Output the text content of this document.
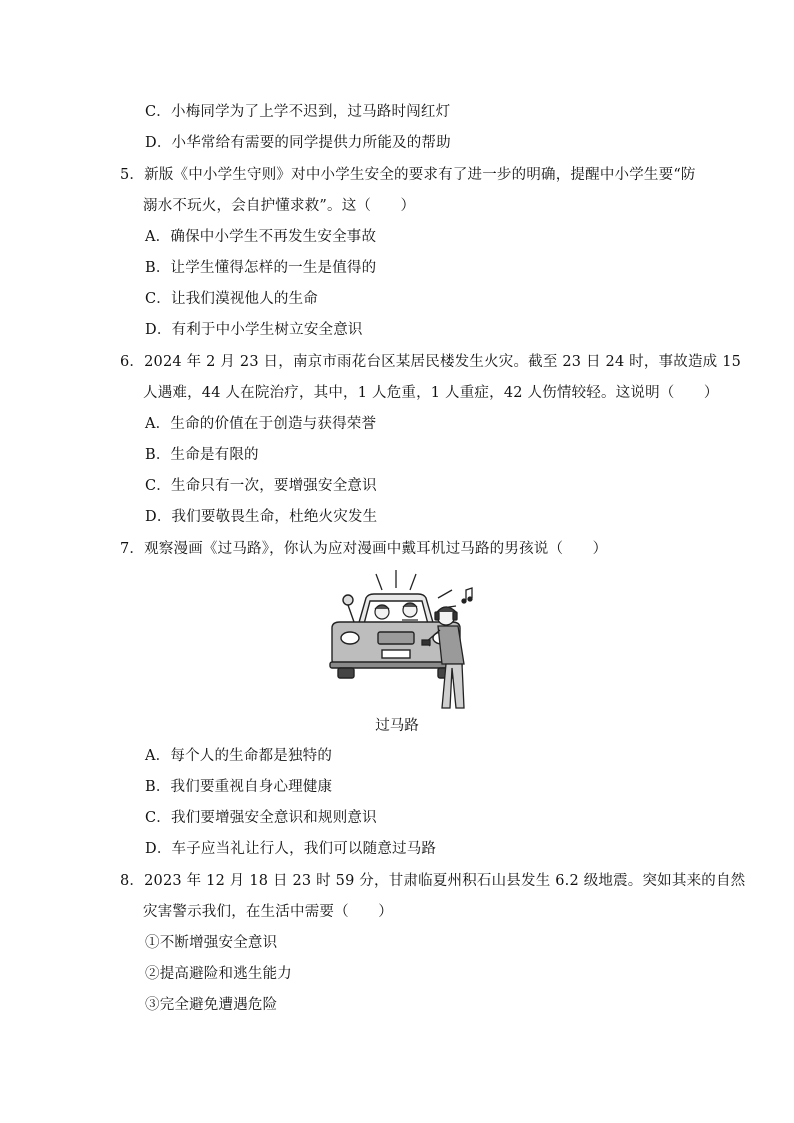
C．小梅同学为了上学不迟到，过马路时闯红灯
D．小华常给有需要的同学提供力所能及的帮助
5．新版《中小学生守则》对中小学生安全的要求有了进一步的明确，提醒中小学生要“防
溺水不玩火，会自护懂求救”。这（　　）
A．确保中小学生不再发生安全事故
B．让学生懂得怎样的一生是值得的
C．让我们漠视他人的生命
D．有利于中小学生树立安全意识
6．2024 年 2 月 23 日，南京市雨花台区某居民楼发生火灾。截至 23 日 24 时，事故造成 15
人遇难，44 人在院治疗，其中，1 人危重，1 人重症，42 人伤情较轻。这说明（　　）
A．生命的价值在于创造与获得荣誉
B．生命是有限的
C．生命只有一次，要增强安全意识
D．我们要敬畏生命，杜绝火灾发生
7．观察漫画《过马路》，你认为应对漫画中戴耳机过马路的男孩说（　　）
过马路
A．每个人的生命都是独特的
B．我们要重视自身心理健康
C．我们要增强安全意识和规则意识
D．车子应当礼让行人，我们可以随意过马路
8．2023 年 12 月 18 日 23 时 59 分，甘肃临夏州积石山县发生 6.2 级地震。突如其来的自然
灾害警示我们，在生活中需要（　　）
①不断增强安全意识
②提高避险和逃生能力
③完全避免遭遇危险
